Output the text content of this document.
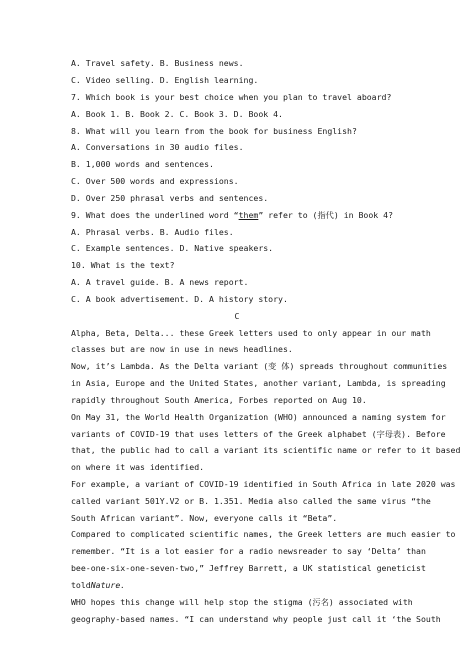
A. Travel safety. B. Business news.
C. Video selling. D. English learning.
7. Which book is your best choice when you plan to travel aboard?
A. Book 1. B. Book 2. C. Book 3. D. Book 4.
8. What will you learn from the book for business English?
A. Conversations in 30 audio files.
B. 1,000 words and sentences.
C. Over 500 words and expressions.
D. Over 250 phrasal verbs and sentences.
9. What does the underlined word “them” refer to (指代) in Book 4?
A. Phrasal verbs. B. Audio files.
C. Example sentences. D. Native speakers.
10. What is the text?
A. A travel guide. B. A news report.
C. A book advertisement. D. A history story.
C
Alpha, Beta, Delta... these Greek letters used to only appear in our math
classes but are now in use in news headlines.
Now, it’s Lambda. As the Delta variant (变 体) spreads throughout communities
in Asia, Europe and the United States, another variant, Lambda, is spreading
rapidly throughout South America, Forbes reported on Aug 10.
On May 31, the World Health Organization (WHO) announced a naming system for
variants of COVID-19 that uses letters of the Greek alphabet (字母表). Before
that, the public had to call a variant its scientific name or refer to it based
on where it was identified.
For example, a variant of COVID-19 identified in South Africa in late 2020 was
called variant 501Y.V2 or B. 1.351. Media also called the same virus “the
South African variant”. Now, everyone calls it “Beta”.
Compared to complicated scientific names, the Greek letters are much easier to
remember. “It is a lot easier for a radio newsreader to say ‘Delta’ than
bee-one-six-one-seven-two,” Jeffrey Barrett, a UK statistical geneticist
toldNature.
WHO hopes this change will help stop the stigma (污名) associated with
geography-based names. “I can understand why people just call it ‘the South
